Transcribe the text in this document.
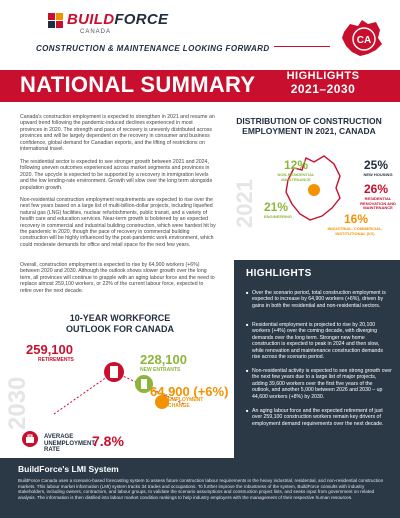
BUILDFORCE
CANADA
CA
CONSTRUCTION & MAINTENANCE LOOKING FORWARD
NATIONAL SUMMARY	HIGHLIGHTS
2021–2030
Canada's construction employment is expected to strengthen in 2021 and resume an upward trend following the pandemic-induced declines experienced in most provinces in 2020. The strength and pace of recovery is unevenly distributed across provinces and will be largely dependent on the recovery in consumer and business confidence, global demand for Canadian exports, and the lifting of restrictions on international travel.
The residential sector is expected to see stronger growth between 2021 and 2024, following uneven outcomes experienced across market segments and provinces in 2020. The upcycle is expected to be supported by a recovery in immigration levels and the low lending-rate environment. Growth will slow over the long term alongside population growth.
Non-residential construction employment requirements are expected to rise over the next few years based on a large list of multi-billion-dollar projects, including liquefied natural gas (LNG) facilities, nuclear refurbishments, public transit, and a variety of health care and education services. Near-term growth is bolstered by an expected recovery in commercial and industrial building construction, which were hardest hit by the pandemic in 2020, though the pace of recovery in commercial building construction will be highly influenced by the post-pandemic work environment, which could moderate demands for office and retail space for the next few years.
Overall, construction employment is expected to rise by 64,900 workers (+6%) between 2020 and 2030. Although the outlook shows slower growth over the long term, all provinces will continue to grapple with an aging labour force and the need to replace almost 259,100 workers, or 22% of the current labour force, expected to retire over the next decade.
DISTRIBUTION OF CONSTRUCTION EMPLOYMENT IN 2021, CANADA
2021
12%
NON-RESIDENTIAL MAINTENANCE
25%
NEW HOUSING
26%
RESIDENTIAL RENOVATION AND MAINTENANCE
21%
ENGINEERING	16%
INDUSTRIAL, COMMERCIAL, INSTITUTIONAL (ICI)
HIGHLIGHTS
■ Over the scenario period, total construction employment is expected to increase by 64,900 workers (+6%), driven by gains in both the residential and non-residential sectors.
■ Residential employment is projected to rise by 20,100 workers (+4%) over the coming decade, with diverging demands over the long term. Stronger new home construction is expected to peak in 2024 and then slow, while renovation and maintenance construction demands rise across the scenario period.
■ Non-residential activity is expected to see strong growth over the next few years due to a large list of major projects, adding 39,600 workers over the first five years of the outlook, and another 5,000 between 2026 and 2030 – up 44,600 workers (+8%) by 2030.
■ An aging labour force and the expected retirement of just over 259,100 construction workers remain key drivers of employment demand requirements over the next decade.
10-YEAR WORKFORCE OUTLOOK FOR CANADA
2030
259,100
RETIREMENTS	228,100
NEW ENTRANTS
64,900 (+6%)
EMPLOYMENT CHANGE
AVERAGE
UNEMPLOYMENT
RATE
7.8%
BuildForce's LMI System
BuildForce Canada uses a scenario-based forecasting system to assess future construction labour requirements in the heavy industrial, residential, and non-residential construction markets. This labour market information (LMI) system tracks 34 trades and occupations. To further improve the robustness of the system, BuildForce consults with industry stakeholders, including owners, contractors, and labour groups, to validate the scenario assumptions and construction project lists, and seeks input from government on related analysis. The information is then distilled into labour market condition rankings to help industry employers with the management of their respective human resources.
